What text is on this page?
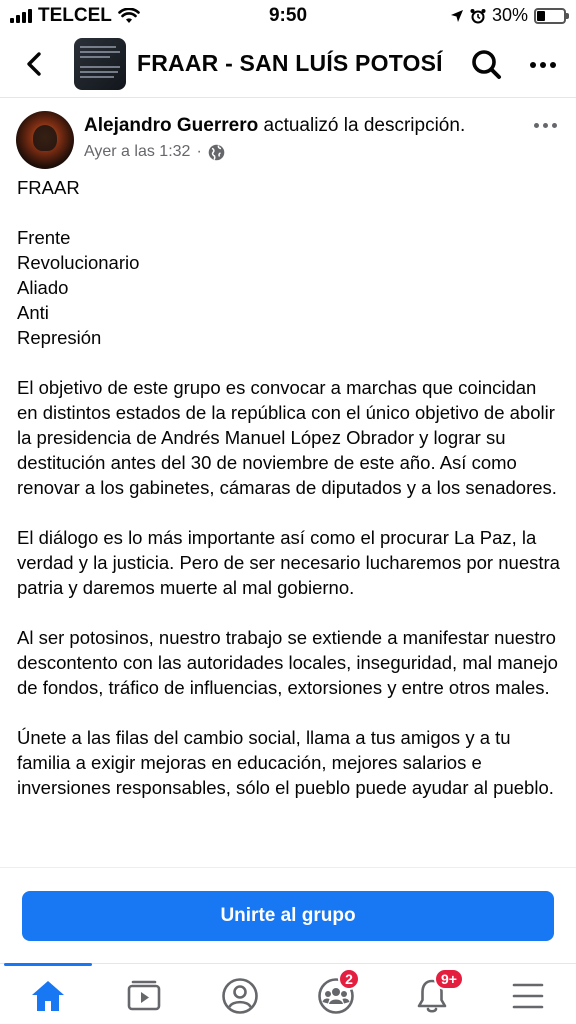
TELCEL	9:50	30%
FRAAR - SAN LUÍS POTOSÍ
Alejandro Guerrero actualizó la descripción.
Ayer a las 1:32 ·

FRAAR

Frente
Revolucionario
Aliado
Anti
Represión

El objetivo de este grupo es convocar a marchas que coincidan en distintos estados de la república con el único objetivo de abolir la presidencia de Andrés Manuel López Obrador y lograr su destitución antes del 30 de noviembre de este año. Así como renovar a los gabinetes, cámaras de diputados y a los senadores.

El diálogo es lo más importante así como el procurar La Paz, la verdad y la justicia. Pero de ser necesario lucharemos por nuestra patria y daremos muerte al mal gobierno.

Al ser potosinos, nuestro trabajo se extiende a manifestar nuestro descontento con las autoridades locales, inseguridad, mal manejo de fondos, tráfico de influencias, extorsiones y entre otros males.

Únete a las filas del cambio social, llama a tus amigos y a tu familia a exigir mejoras en educación, mejores salarios e inversiones responsables, sólo el pueblo puede ayudar al pueblo.

Unirte al grupo
2	9+
